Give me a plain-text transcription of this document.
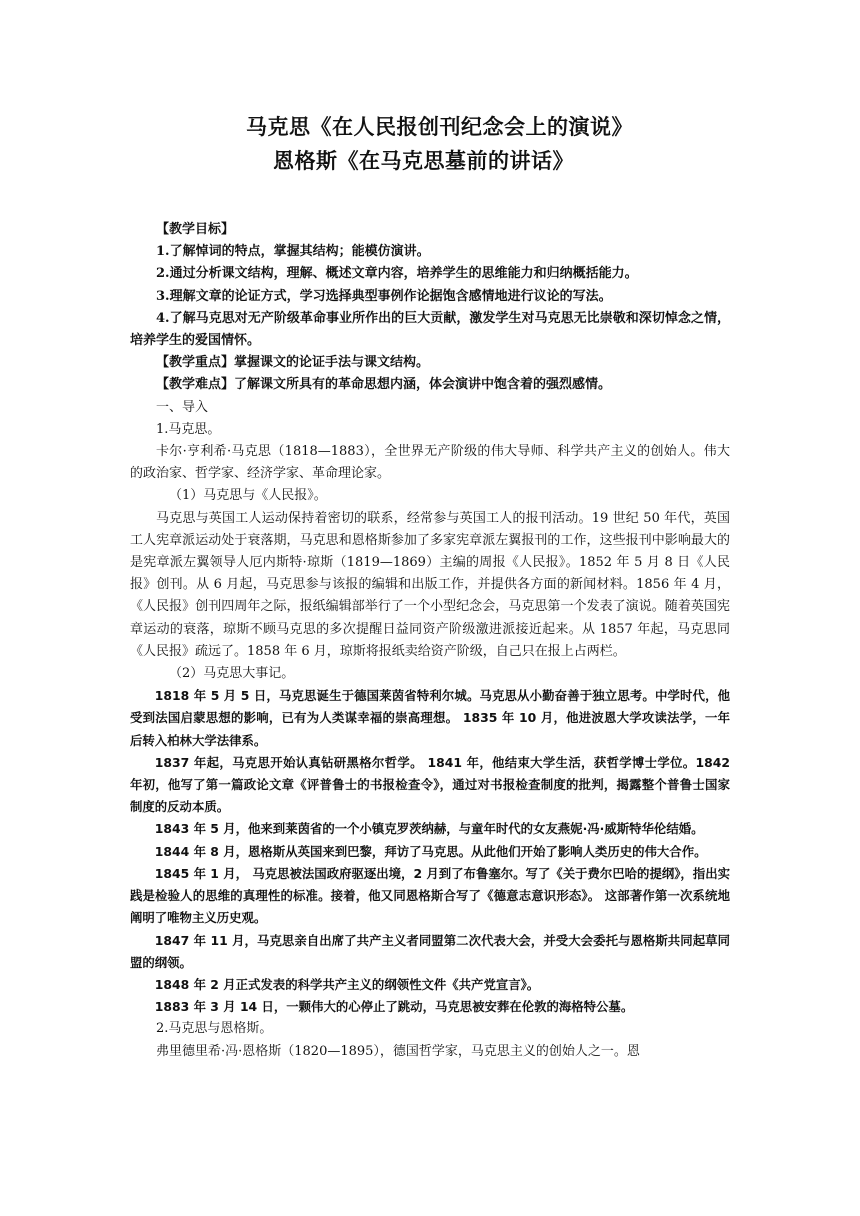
马克思《在人民报创刊纪念会上的演说》
恩格斯《在马克思墓前的讲话》

【教学目标】

1.了解悼词的特点，掌握其结构；能模仿演讲。

2.通过分析课文结构，理解、概述文章内容，培养学生的思维能力和归纳概括能力。

3.理解文章的论证方式，学习选择典型事例作论据饱含感情地进行议论的写法。

4.了解马克思对无产阶级革命事业所作出的巨大贡献，激发学生对马克思无比崇敬和深切悼念之情，培养学生的爱国情怀。

【教学重点】掌握课文的论证手法与课文结构。

【教学难点】了解课文所具有的革命思想内涵，体会演讲中饱含着的强烈感情。

一、导入

1.马克思。

卡尔·亨利希·马克思（1818—1883），全世界无产阶级的伟大导师、科学共产主义的创始人。伟大的政治家、哲学家、经济学家、革命理论家。

（1）马克思与《人民报》。

马克思与英国工人运动保持着密切的联系，经常参与英国工人的报刊活动。19 世纪 50 年代，英国工人宪章派运动处于衰落期，马克思和恩格斯参加了多家宪章派左翼报刊的工作，这些报刊中影响最大的是宪章派左翼领导人厄内斯特·琼斯（1819—1869）主编的周报《人民报》。1852 年 5 月 8 日《人民报》创刊。从 6 月起，马克思参与该报的编辑和出版工作，并提供各方面的新闻材料。1856 年 4 月，《人民报》创刊四周年之际，报纸编辑部举行了一个小型纪念会，马克思第一个发表了演说。随着英国宪章运动的衰落，琼斯不顾马克思的多次提醒日益同资产阶级激进派接近起来。从 1857 年起，马克思同《人民报》疏远了。1858 年 6 月，琼斯将报纸卖给资产阶级，自己只在报上占两栏。

（2）马克思大事记。

1818 年 5 月 5 日，马克思诞生于德国莱茵省特利尔城。马克思从小勤奋善于独立思考。中学时代，他受到法国启蒙思想的影响，已有为人类谋幸福的崇高理想。 1835 年 10 月，他进波恩大学攻读法学，一年后转入柏林大学法律系。

1837 年起，马克思开始认真钻研黑格尔哲学。 1841 年，他结束大学生活，获哲学博士学位。1842 年初，他写了第一篇政论文章《评普鲁士的书报检查令》，通过对书报检查制度的批判，揭露整个普鲁士国家制度的反动本质。

1843 年 5 月，他来到莱茵省的一个小镇克罗茨纳赫，与童年时代的女友燕妮·冯·威斯特华伦结婚。

1844 年 8 月，恩格斯从英国来到巴黎，拜访了马克思。从此他们开始了影响人类历史的伟大合作。

1845 年 1 月， 马克思被法国政府驱逐出境，2 月到了布鲁塞尔。写了《关于费尔巴哈的提纲》，指出实践是检验人的思维的真理性的标准。接着，他又同恩格斯合写了《德意志意识形态》。 这部著作第一次系统地阐明了唯物主义历史观。

1847 年 11 月，马克思亲自出席了共产主义者同盟第二次代表大会，并受大会委托与恩格斯共同起草同盟的纲领。

1848 年 2 月正式发表的科学共产主义的纲领性文件《共产党宣言》。

1883 年 3 月 14 日，一颗伟大的心停止了跳动，马克思被安葬在伦敦的海格特公墓。

2.马克思与恩格斯。

弗里德里希·冯·恩格斯（1820—1895），德国哲学家，马克思主义的创始人之一。恩
